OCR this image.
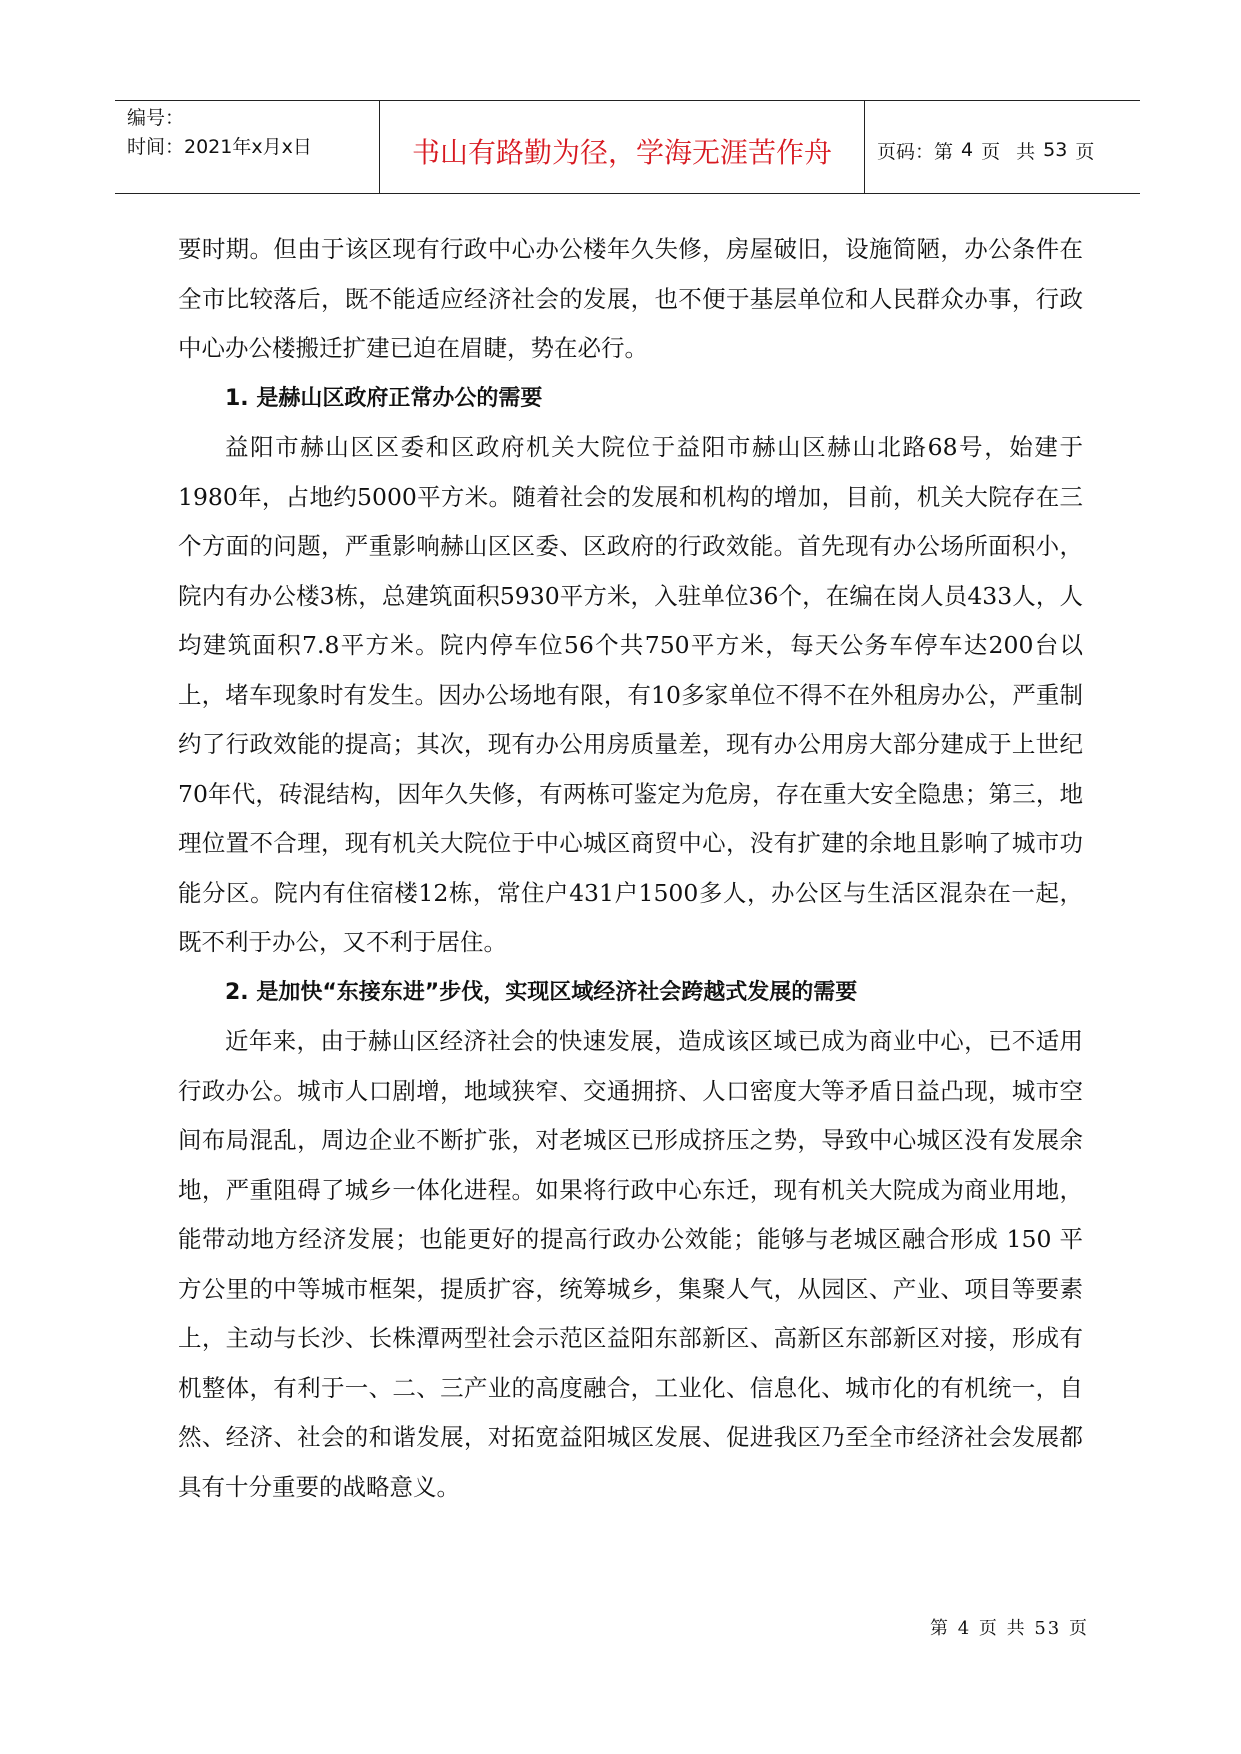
编号：
时间：2021年x月x日	书山有路勤为径，学海无涯苦作舟	页码：第 4 页 共 53 页

要时期。但由于该区现有行政中心办公楼年久失修，房屋破旧，设施简陋，办公条件在全市比较落后，既不能适应经济社会的发展，也不便于基层单位和人民群众办事，行政中心办公楼搬迁扩建已迫在眉睫，势在必行。

1. 是赫山区政府正常办公的需要

益阳市赫山区区委和区政府机关大院位于益阳市赫山区赫山北路68号，始建于1980年，占地约5000平方米。随着社会的发展和机构的增加，目前，机关大院存在三个方面的问题，严重影响赫山区区委、区政府的行政效能。首先现有办公场所面积小，院内有办公楼3栋，总建筑面积5930平方米，入驻单位36个，在编在岗人员433人，人均建筑面积7.8平方米。院内停车位56个共750平方米，每天公务车停车达200台以上，堵车现象时有发生。因办公场地有限，有10多家单位不得不在外租房办公，严重制约了行政效能的提高；其次，现有办公用房质量差，现有办公用房大部分建成于上世纪70年代，砖混结构，因年久失修，有两栋可鉴定为危房，存在重大安全隐患；第三，地理位置不合理，现有机关大院位于中心城区商贸中心，没有扩建的余地且影响了城市功能分区。院内有住宿楼12栋，常住户431户1500多人，办公区与生活区混杂在一起，既不利于办公，又不利于居住。

2. 是加快“东接东进”步伐，实现区域经济社会跨越式发展的需要

近年来，由于赫山区经济社会的快速发展，造成该区域已成为商业中心，已不适用行政办公。城市人口剧增，地域狭窄、交通拥挤、人口密度大等矛盾日益凸现，城市空间布局混乱，周边企业不断扩张，对老城区已形成挤压之势，导致中心城区没有发展余地，严重阻碍了城乡一体化进程。如果将行政中心东迁，现有机关大院成为商业用地，能带动地方经济发展；也能更好的提高行政办公效能；能够与老城区融合形成 150 平方公里的中等城市框架，提质扩容，统筹城乡，集聚人气，从园区、产业、项目等要素上，主动与长沙、长株潭两型社会示范区益阳东部新区、高新区东部新区对接，形成有机整体，有利于一、二、三产业的高度融合，工业化、信息化、城市化的有机统一，自然、经济、社会的和谐发展，对拓宽益阳城区发展、促进我区乃至全市经济社会发展都具有十分重要的战略意义。

第 4 页 共 53 页
